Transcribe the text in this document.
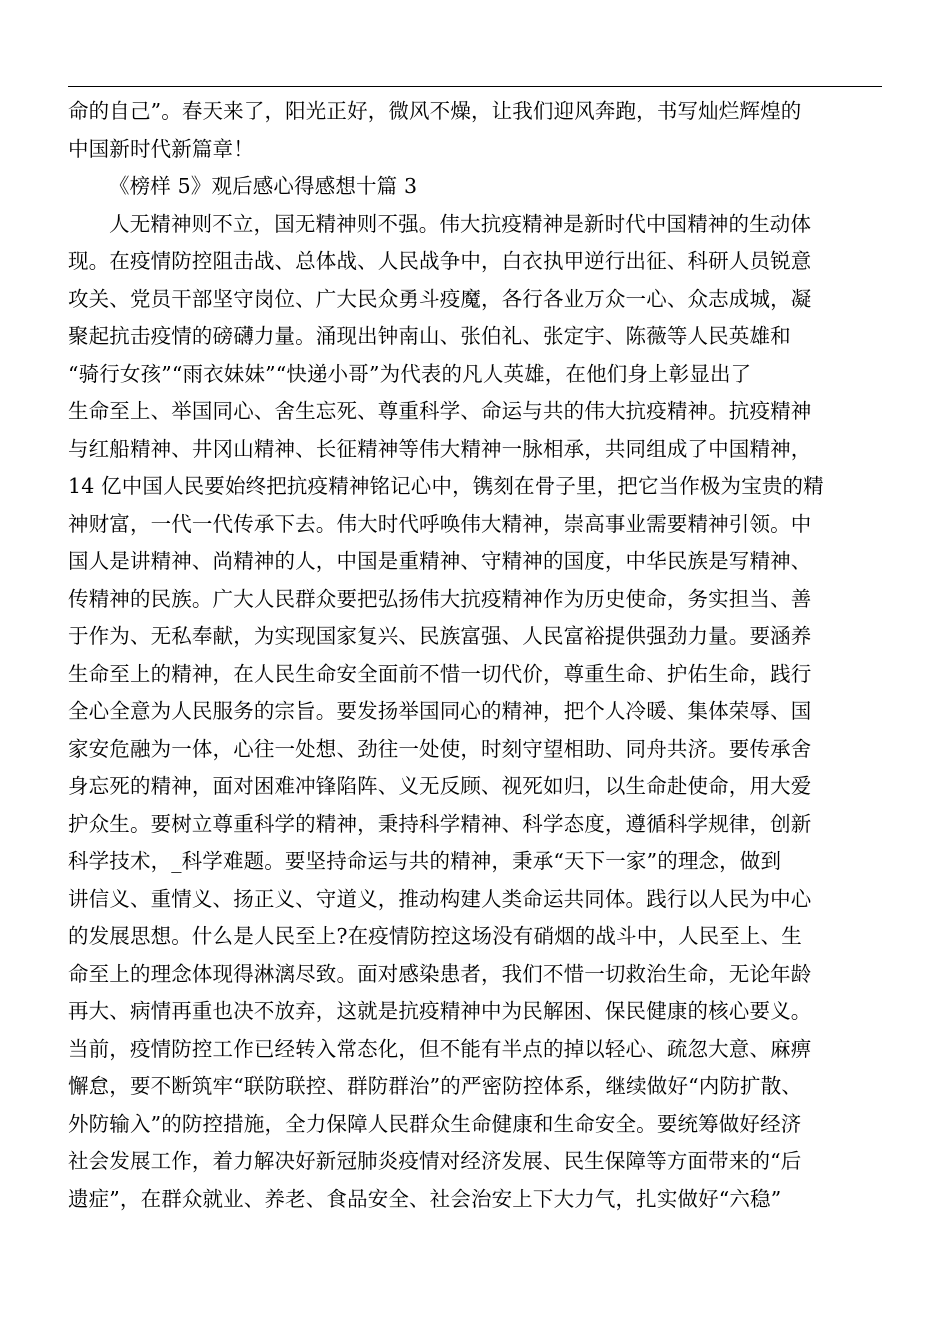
命的自己”。春天来了，阳光正好，微风不燥，让我们迎风奔跑，书写灿烂辉煌的
中国新时代新篇章！
《榜样 5》观后感心得感想十篇 3
人无精神则不立，国无精神则不强。伟大抗疫精神是新时代中国精神的生动体
现。在疫情防控阻击战、总体战、人民战争中，白衣执甲逆行出征、科研人员锐意
攻关、党员干部坚守岗位、广大民众勇斗疫魔，各行各业万众一心、众志成城，凝
聚起抗击疫情的磅礴力量。涌现出钟南山、张伯礼、张定宇、陈薇等人民英雄和
“骑行女孩”“雨衣妹妹”“快递小哥”为代表的凡人英雄，在他们身上彰显出了
生命至上、举国同心、舍生忘死、尊重科学、命运与共的伟大抗疫精神。抗疫精神
与红船精神、井冈山精神、长征精神等伟大精神一脉相承，共同组成了中国精神，
14 亿中国人民要始终把抗疫精神铭记心中，镌刻在骨子里，把它当作极为宝贵的精
神财富，一代一代传承下去。伟大时代呼唤伟大精神，崇高事业需要精神引领。中
国人是讲精神、尚精神的人，中国是重精神、守精神的国度，中华民族是写精神、
传精神的民族。广大人民群众要把弘扬伟大抗疫精神作为历史使命，务实担当、善
于作为、无私奉献，为实现国家复兴、民族富强、人民富裕提供强劲力量。要涵养
生命至上的精神，在人民生命安全面前不惜一切代价，尊重生命、护佑生命，践行
全心全意为人民服务的宗旨。要发扬举国同心的精神，把个人冷暖、集体荣辱、国
家安危融为一体，心往一处想、劲往一处使，时刻守望相助、同舟共济。要传承舍
身忘死的精神，面对困难冲锋陷阵、义无反顾、视死如归，以生命赴使命，用大爱
护众生。要树立尊重科学的精神，秉持科学精神、科学态度，遵循科学规律，创新
科学技术，_科学难题。要坚持命运与共的精神，秉承“天下一家”的理念，做到
讲信义、重情义、扬正义、守道义，推动构建人类命运共同体。践行以人民为中心
的发展思想。什么是人民至上?在疫情防控这场没有硝烟的战斗中，人民至上、生
命至上的理念体现得淋漓尽致。面对感染患者，我们不惜一切救治生命，无论年龄
再大、病情再重也决不放弃，这就是抗疫精神中为民解困、保民健康的核心要义。
当前，疫情防控工作已经转入常态化，但不能有半点的掉以轻心、疏忽大意、麻痹
懈怠，要不断筑牢“联防联控、群防群治”的严密防控体系，继续做好“内防扩散、
外防输入”的防控措施，全力保障人民群众生命健康和生命安全。要统筹做好经济
社会发展工作，着力解决好新冠肺炎疫情对经济发展、民生保障等方面带来的“后
遗症”，在群众就业、养老、食品安全、社会治安上下大力气，扎实做好“六稳”
